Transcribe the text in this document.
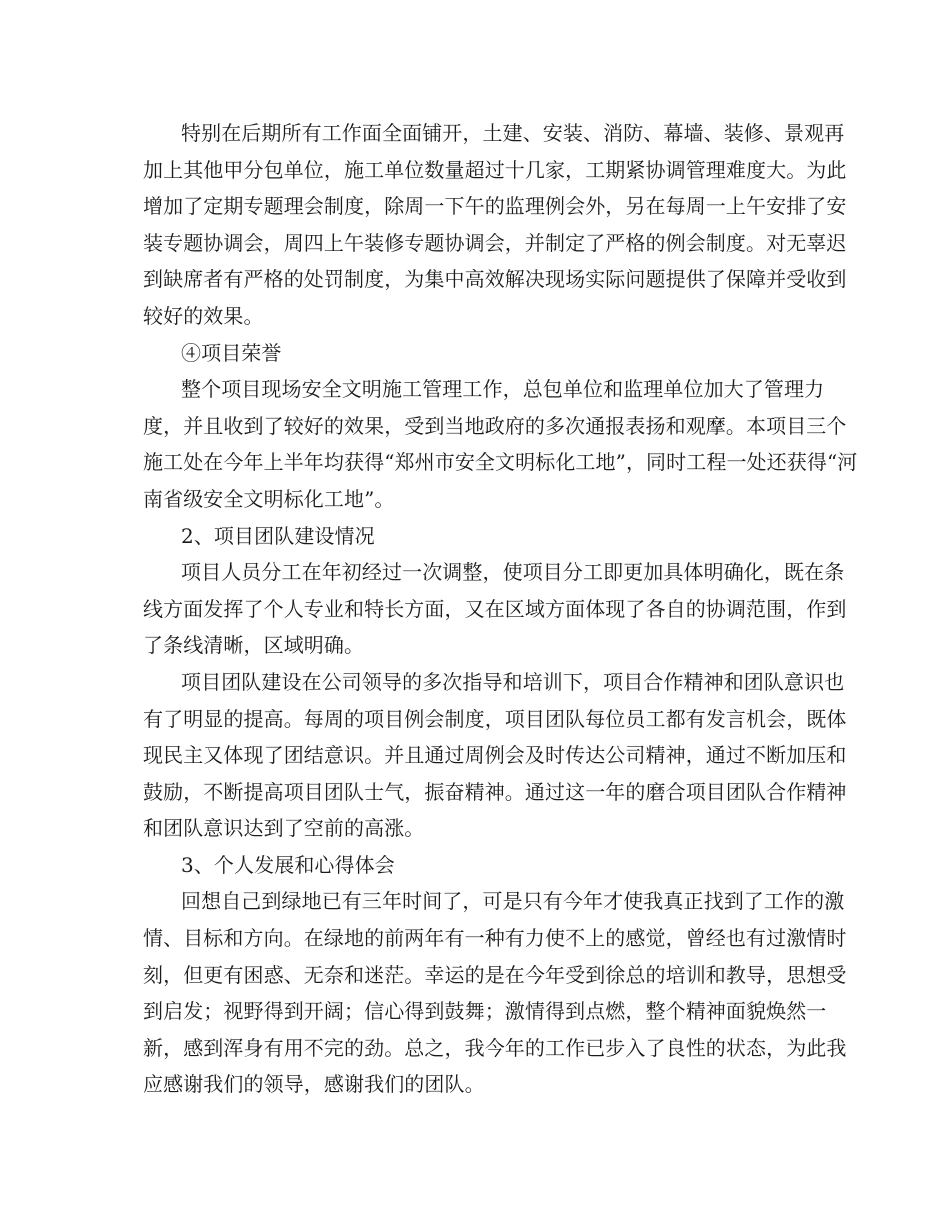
特别在后期所有工作面全面铺开，土建、安装、消防、幕墙、装修、景观再
加上其他甲分包单位，施工单位数量超过十几家，工期紧协调管理难度大。为此
增加了定期专题理会制度，除周一下午的监理例会外，另在每周一上午安排了安
装专题协调会，周四上午装修专题协调会，并制定了严格的例会制度。对无辜迟
到缺席者有严格的处罚制度，为集中高效解决现场实际问题提供了保障并受收到
较好的效果。
④项目荣誉
整个项目现场安全文明施工管理工作，总包单位和监理单位加大了管理力
度，并且收到了较好的效果，受到当地政府的多次通报表扬和观摩。本项目三个
施工处在今年上半年均获得“郑州市安全文明标化工地”，同时工程一处还获得“河
南省级安全文明标化工地”。
2、项目团队建设情况
项目人员分工在年初经过一次调整，使项目分工即更加具体明确化，既在条
线方面发挥了个人专业和特长方面，又在区域方面体现了各自的协调范围，作到
了条线清晰，区域明确。
项目团队建设在公司领导的多次指导和培训下，项目合作精神和团队意识也
有了明显的提高。每周的项目例会制度，项目团队每位员工都有发言机会，既体
现民主又体现了团结意识。并且通过周例会及时传达公司精神，通过不断加压和
鼓励，不断提高项目团队士气，振奋精神。通过这一年的磨合项目团队合作精神
和团队意识达到了空前的高涨。
3、个人发展和心得体会
回想自己到绿地已有三年时间了，可是只有今年才使我真正找到了工作的激
情、目标和方向。在绿地的前两年有一种有力使不上的感觉，曾经也有过激情时
刻，但更有困惑、无奈和迷茫。幸运的是在今年受到徐总的培训和教导，思想受
到启发；视野得到开阔；信心得到鼓舞；激情得到点燃，整个精神面貌焕然一
新，感到浑身有用不完的劲。总之，我今年的工作已步入了良性的状态，为此我
应感谢我们的领导，感谢我们的团队。
